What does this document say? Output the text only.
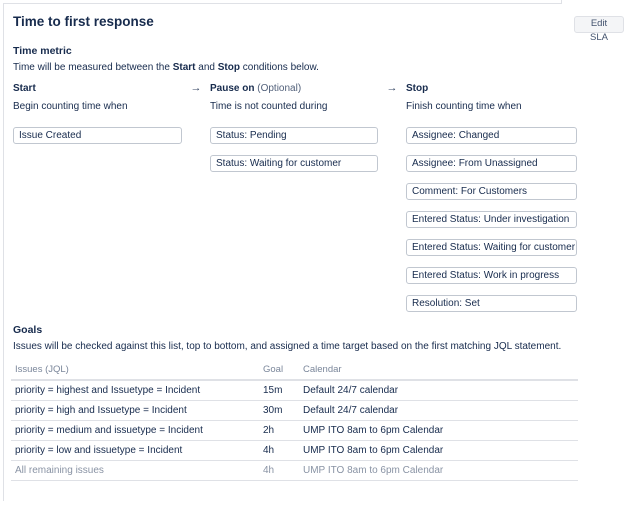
Edit SLA
Time to first response
Time metric
Time will be measured between the Start and Stop conditions below.
Start
Begin counting time when
Issue Created
→ Pause on (Optional)
Time is not counted during
Status: Pending
Status: Waiting for customer
→ Stop
Finish counting time when
Assignee: Changed
Assignee: From Unassigned
Comment: For Customers
Entered Status: Under investigation
Entered Status: Waiting for customer
Entered Status: Work in progress
Resolution: Set
Goals
Issues will be checked against this list, top to bottom, and assigned a time target based on the first matching JQL statement.
Issues (JQL)	Goal	Calendar
priority = highest and Issuetype = Incident	15m	Default 24/7 calendar
priority = high and Issuetype = Incident	30m	Default 24/7 calendar
priority = medium and issuetype = Incident	2h	UMP ITO 8am to 6pm Calendar
priority = low and issuetype = Incident	4h	UMP ITO 8am to 6pm Calendar
All remaining issues	4h	UMP ITO 8am to 6pm Calendar
